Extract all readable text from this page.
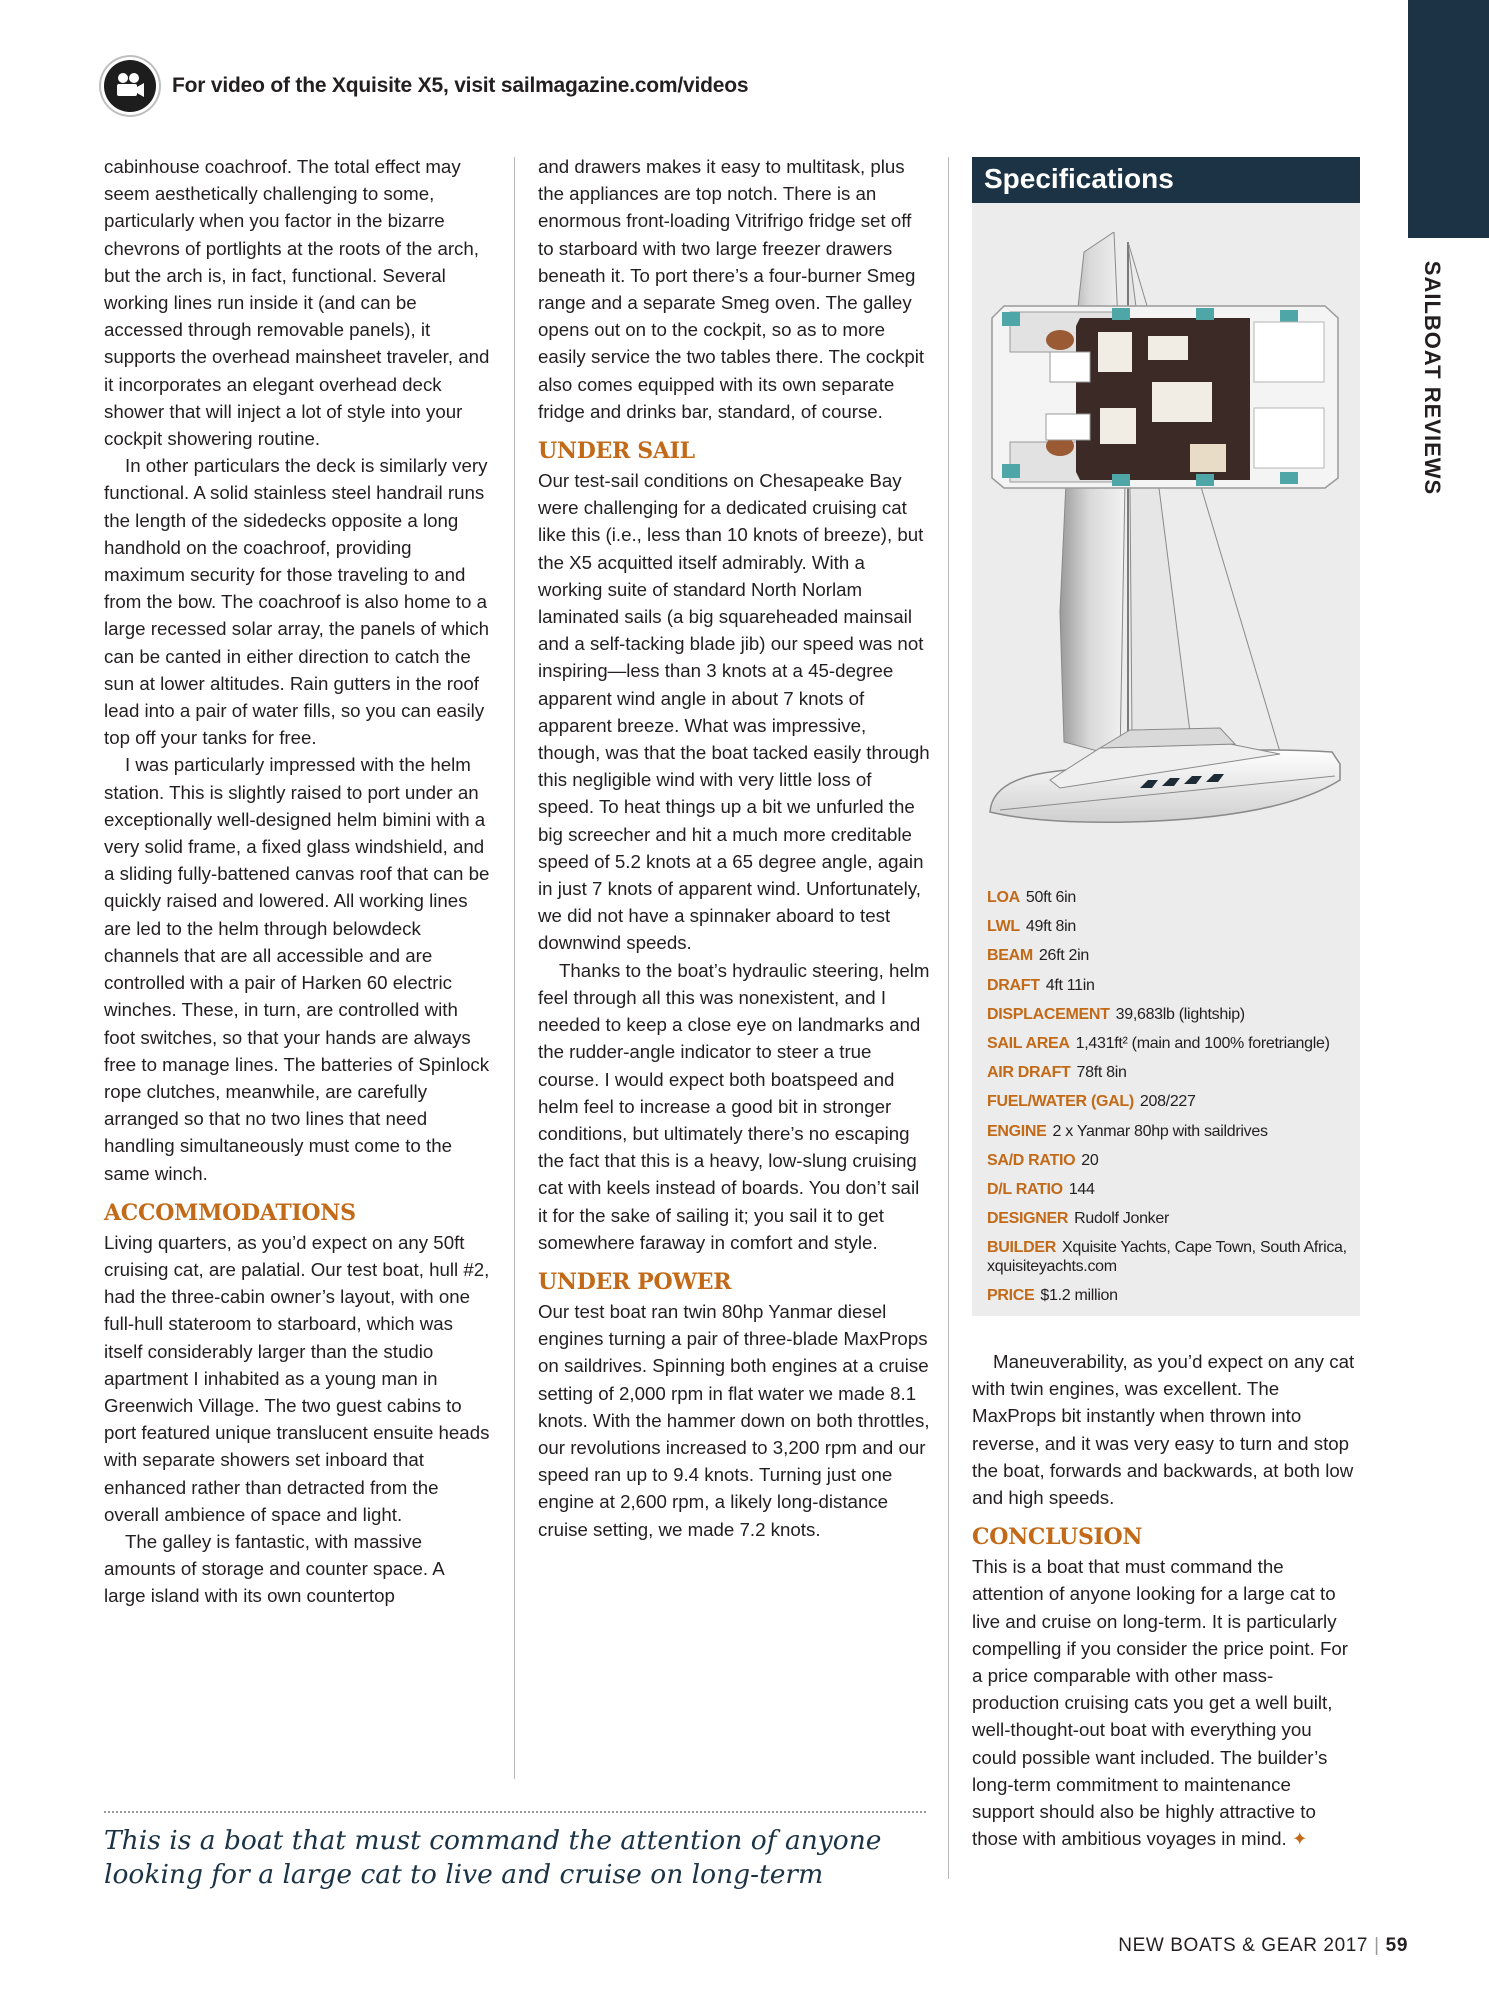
SAILBOAT REVIEWS
For video of the Xquisite X5, visit sailmagazine.com/videos

cabinhouse coachroof. The total effect may seem aesthetically challenging to some, particularly when you factor in the bizarre chevrons of portlights at the roots of the arch, but the arch is, in fact, functional. Several working lines run inside it (and can be accessed through removable panels), it supports the overhead mainsheet traveler, and it incorporates an elegant overhead deck shower that will inject a lot of style into your cockpit showering routine.

In other particulars the deck is similarly very functional. A solid stainless steel handrail runs the length of the sidedecks opposite a long handhold on the coachroof, providing maximum security for those traveling to and from the bow. The coachroof is also home to a large recessed solar array, the panels of which can be canted in either direction to catch the sun at lower altitudes. Rain gutters in the roof lead into a pair of water fills, so you can easily top off your tanks for free.

I was particularly impressed with the helm station. This is slightly raised to port under an exceptionally well-designed helm bimini with a very solid frame, a fixed glass windshield, and a sliding fully-battened canvas roof that can be quickly raised and lowered. All working lines are led to the helm through belowdeck channels that are all accessible and are controlled with a pair of Harken 60 electric winches. These, in turn, are controlled with foot switches, so that your hands are always free to manage lines. The batteries of Spinlock rope clutches, meanwhile, are carefully arranged so that no two lines that need handling simultaneously must come to the same winch.

ACCOMMODATIONS

Living quarters, as you’d expect on any 50ft cruising cat, are palatial. Our test boat, hull #2, had the three-cabin owner’s layout, with one full-hull stateroom to starboard, which was itself considerably larger than the studio apartment I inhabited as a young man in Greenwich Village. The two guest cabins to port featured unique translucent ensuite heads with separate showers set inboard that enhanced rather than detracted from the overall ambience of space and light.

The galley is fantastic, with massive amounts of storage and counter space. A large island with its own countertop

and drawers makes it easy to multitask, plus the appliances are top notch. There is an enormous front-loading Vitrifrigo fridge set off to starboard with two large freezer drawers beneath it. To port there’s a four-burner Smeg range and a separate Smeg oven. The galley opens out on to the cockpit, so as to more easily service the two tables there. The cockpit also comes equipped with its own separate fridge and drinks bar, standard, of course.

UNDER SAIL

Our test-sail conditions on Chesapeake Bay were challenging for a dedicated cruising cat like this (i.e., less than 10 knots of breeze), but the X5 acquitted itself admirably. With a working suite of standard North Norlam laminated sails (a big squareheaded mainsail and a self-tacking blade jib) our speed was not inspiring—less than 3 knots at a 45-degree apparent wind angle in about 7 knots of apparent breeze. What was impressive, though, was that the boat tacked easily through this negligible wind with very little loss of speed. To heat things up a bit we unfurled the big screecher and hit a much more creditable speed of 5.2 knots at a 65 degree angle, again in just 7 knots of apparent wind. Unfortunately, we did not have a spinnaker aboard to test downwind speeds.

Thanks to the boat’s hydraulic steering, helm feel through all this was nonexistent, and I needed to keep a close eye on landmarks and the rudder-angle indicator to steer a true course. I would expect both boatspeed and helm feel to increase a good bit in stronger conditions, but ultimately there’s no escaping the fact that this is a heavy, low-slung cruising cat with keels instead of boards. You don’t sail it for the sake of sailing it; you sail it to get somewhere faraway in comfort and style.

UNDER POWER

Our test boat ran twin 80hp Yanmar diesel engines turning a pair of three-blade MaxProps on saildrives. Spinning both engines at a cruise setting of 2,000 rpm in flat water we made 8.1 knots. With the hammer down on both throttles, our revolutions increased to 3,200 rpm and our speed ran up to 9.4 knots. Turning just one engine at 2,600 rpm, a likely long-distance cruise setting, we made 7.2 knots.

Specifications
LOA 50ft 6in
LWL 49ft 8in
BEAM 26ft 2in
DRAFT 4ft 11in
DISPLACEMENT 39,683lb (lightship)
SAIL AREA 1,431ft² (main and 100% foretriangle)
AIR DRAFT 78ft 8in
FUEL/WATER (GAL) 208/227
ENGINE 2 x Yanmar 80hp with saildrives
SA/D RATIO 20
D/L RATIO 144
DESIGNER Rudolf Jonker
BUILDER Xquisite Yachts, Cape Town, South Africa, xquisiteyachts.com
PRICE $1.2 million

Maneuverability, as you’d expect on any cat with twin engines, was excellent. The MaxProps bit instantly when thrown into reverse, and it was very easy to turn and stop the boat, forwards and backwards, at both low and high speeds.

CONCLUSION

This is a boat that must command the attention of anyone looking for a large cat to live and cruise on long-term. It is particularly compelling if you consider the price point. For a price comparable with other mass-production cruising cats you get a well built, well-thought-out boat with everything you could possible want included. The builder’s long-term commitment to maintenance support should also be highly attractive to those with ambitious voyages in mind. ✦

This is a boat that must command the attention of anyone looking for a large cat to live and cruise on long-term
NEW BOATS & GEAR 2017 | 59
